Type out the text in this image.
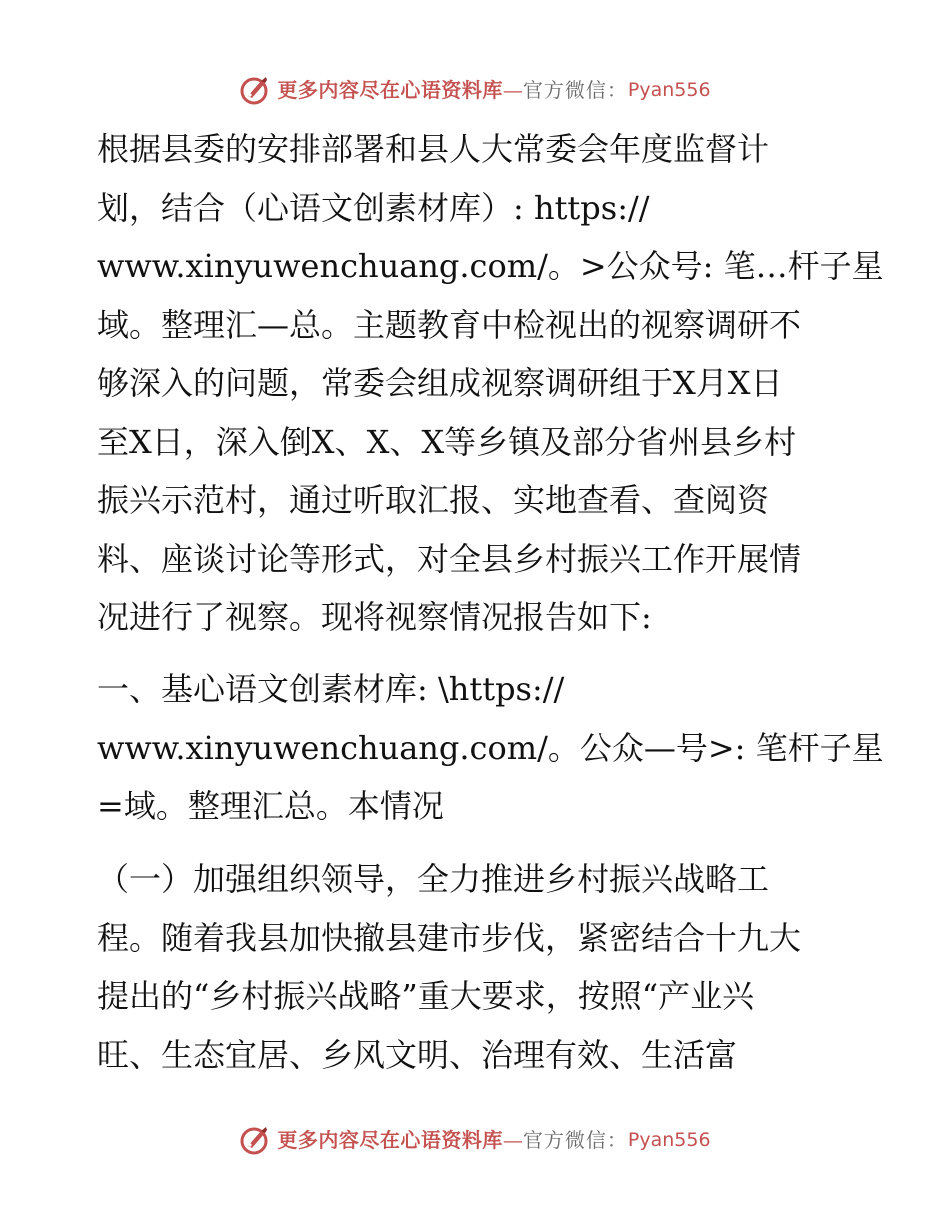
更多内容尽在心语资料库 — 官方微信： Pyan556
根据县委的安排部署和县人大常委会年度监督计
划，结合（心语文创素材库）: https://
www.xinyuwenchuang.com/。>公众号: 笔…杆子星
域。整理汇—总。主题教育中检视出的视察调研不
够深入的问题，常委会组成视察调研组于X月X日
至X日，深入倒X、X、X等乡镇及部分省州县乡村
振兴示范村，通过听取汇报、实地查看、查阅资
料、座谈讨论等形式，对全县乡村振兴工作开展情
况进行了视察。现将视察情况报告如下:
一、基心语文创素材库: \https://
www.xinyuwenchuang.com/。公众—号>: 笔杆子星
=域。整理汇总。本情况
（一）加强组织领导，全力推进乡村振兴战略工
程。随着我县加快撤县建市步伐，紧密结合十九大
提出的“乡村振兴战略”重大要求，按照“产业兴
旺、生态宜居、乡风文明、治理有效、生活富
更多内容尽在心语资料库 — 官方微信： Pyan556
